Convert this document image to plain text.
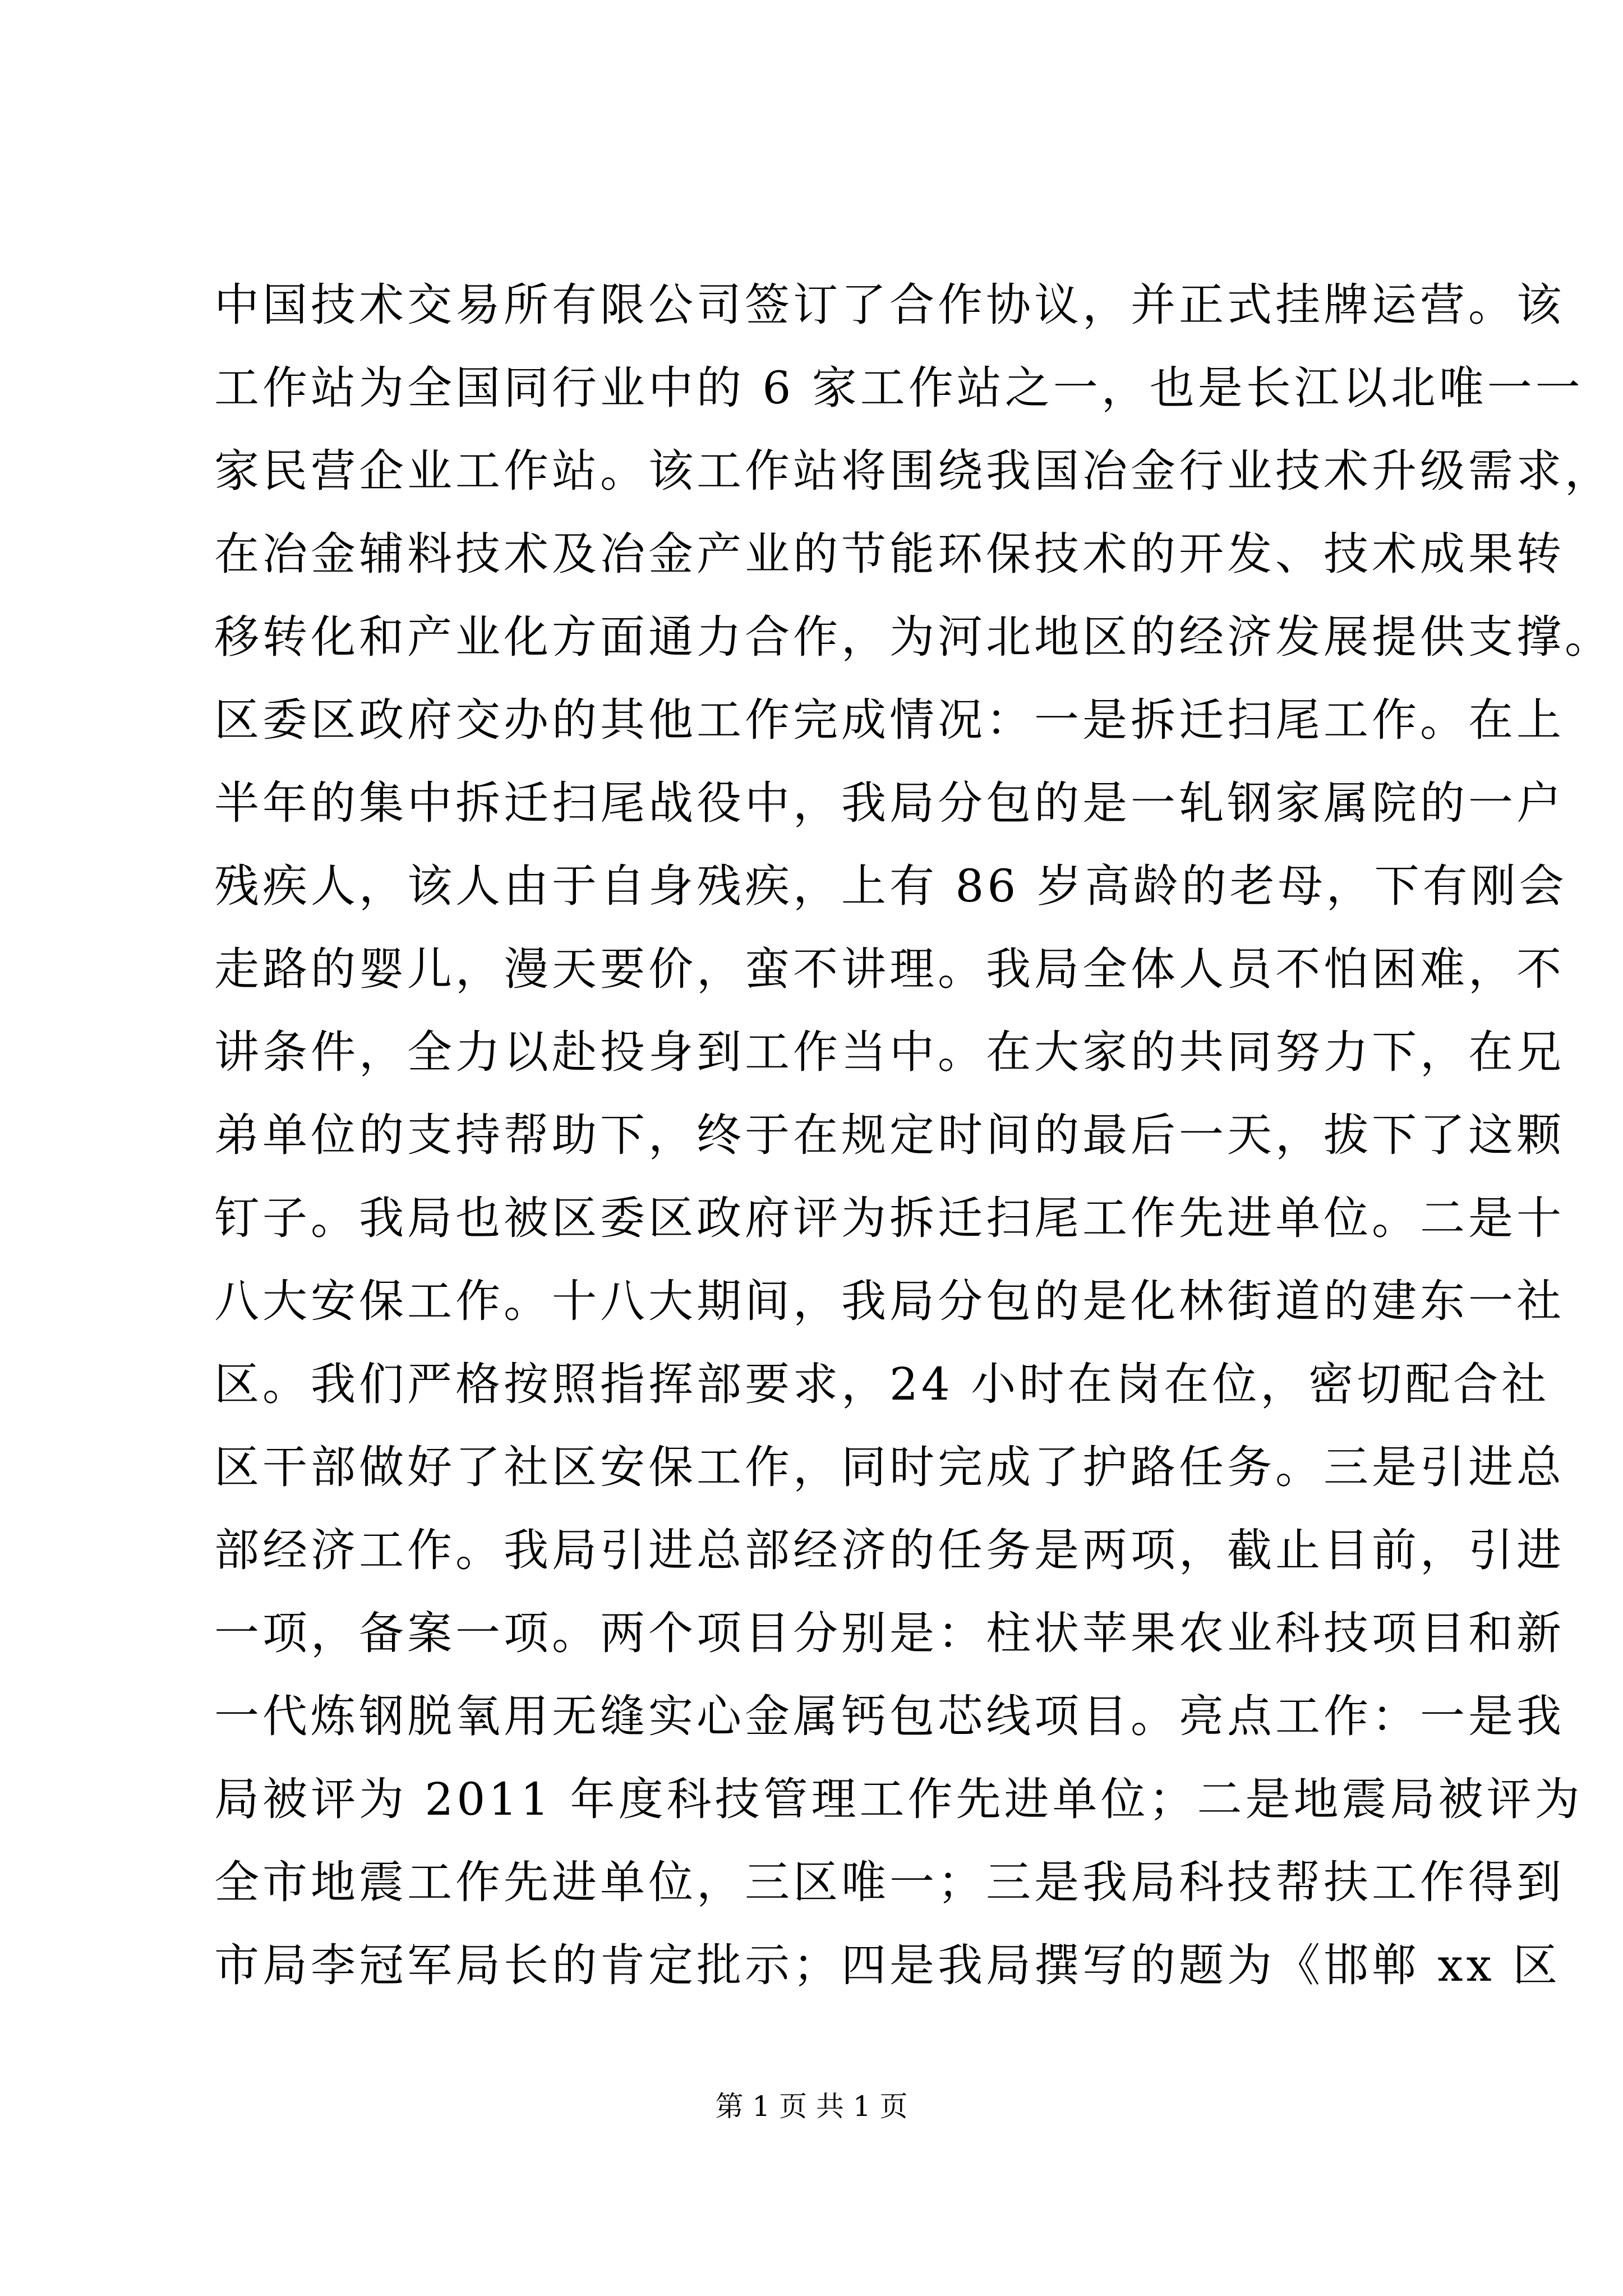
中国技术交易所有限公司签订了合作协议，并正式挂牌运营。该
工作站为全国同行业中的 6 家工作站之一，也是长江以北唯一一
家民营企业工作站。该工作站将围绕我国冶金行业技术升级需求，
在冶金辅料技术及冶金产业的节能环保技术的开发、技术成果转
移转化和产业化方面通力合作，为河北地区的经济发展提供支撑。
区委区政府交办的其他工作完成情况：一是拆迁扫尾工作。在上
半年的集中拆迁扫尾战役中，我局分包的是一轧钢家属院的一户
残疾人，该人由于自身残疾，上有 86 岁高龄的老母，下有刚会
走路的婴儿，漫天要价，蛮不讲理。我局全体人员不怕困难，不
讲条件，全力以赴投身到工作当中。在大家的共同努力下，在兄
弟单位的支持帮助下，终于在规定时间的最后一天，拔下了这颗
钉子。我局也被区委区政府评为拆迁扫尾工作先进单位。二是十
八大安保工作。十八大期间，我局分包的是化林街道的建东一社
区。我们严格按照指挥部要求，24 小时在岗在位，密切配合社
区干部做好了社区安保工作，同时完成了护路任务。三是引进总
部经济工作。我局引进总部经济的任务是两项，截止目前，引进
一项，备案一项。两个项目分别是：柱状苹果农业科技项目和新
一代炼钢脱氧用无缝实心金属钙包芯线项目。亮点工作：一是我
局被评为 2011 年度科技管理工作先进单位；二是地震局被评为
全市地震工作先进单位，三区唯一；三是我局科技帮扶工作得到
市局李冠军局长的肯定批示；四是我局撰写的题为《邯郸 xx 区
第 1 页 共 1 页
